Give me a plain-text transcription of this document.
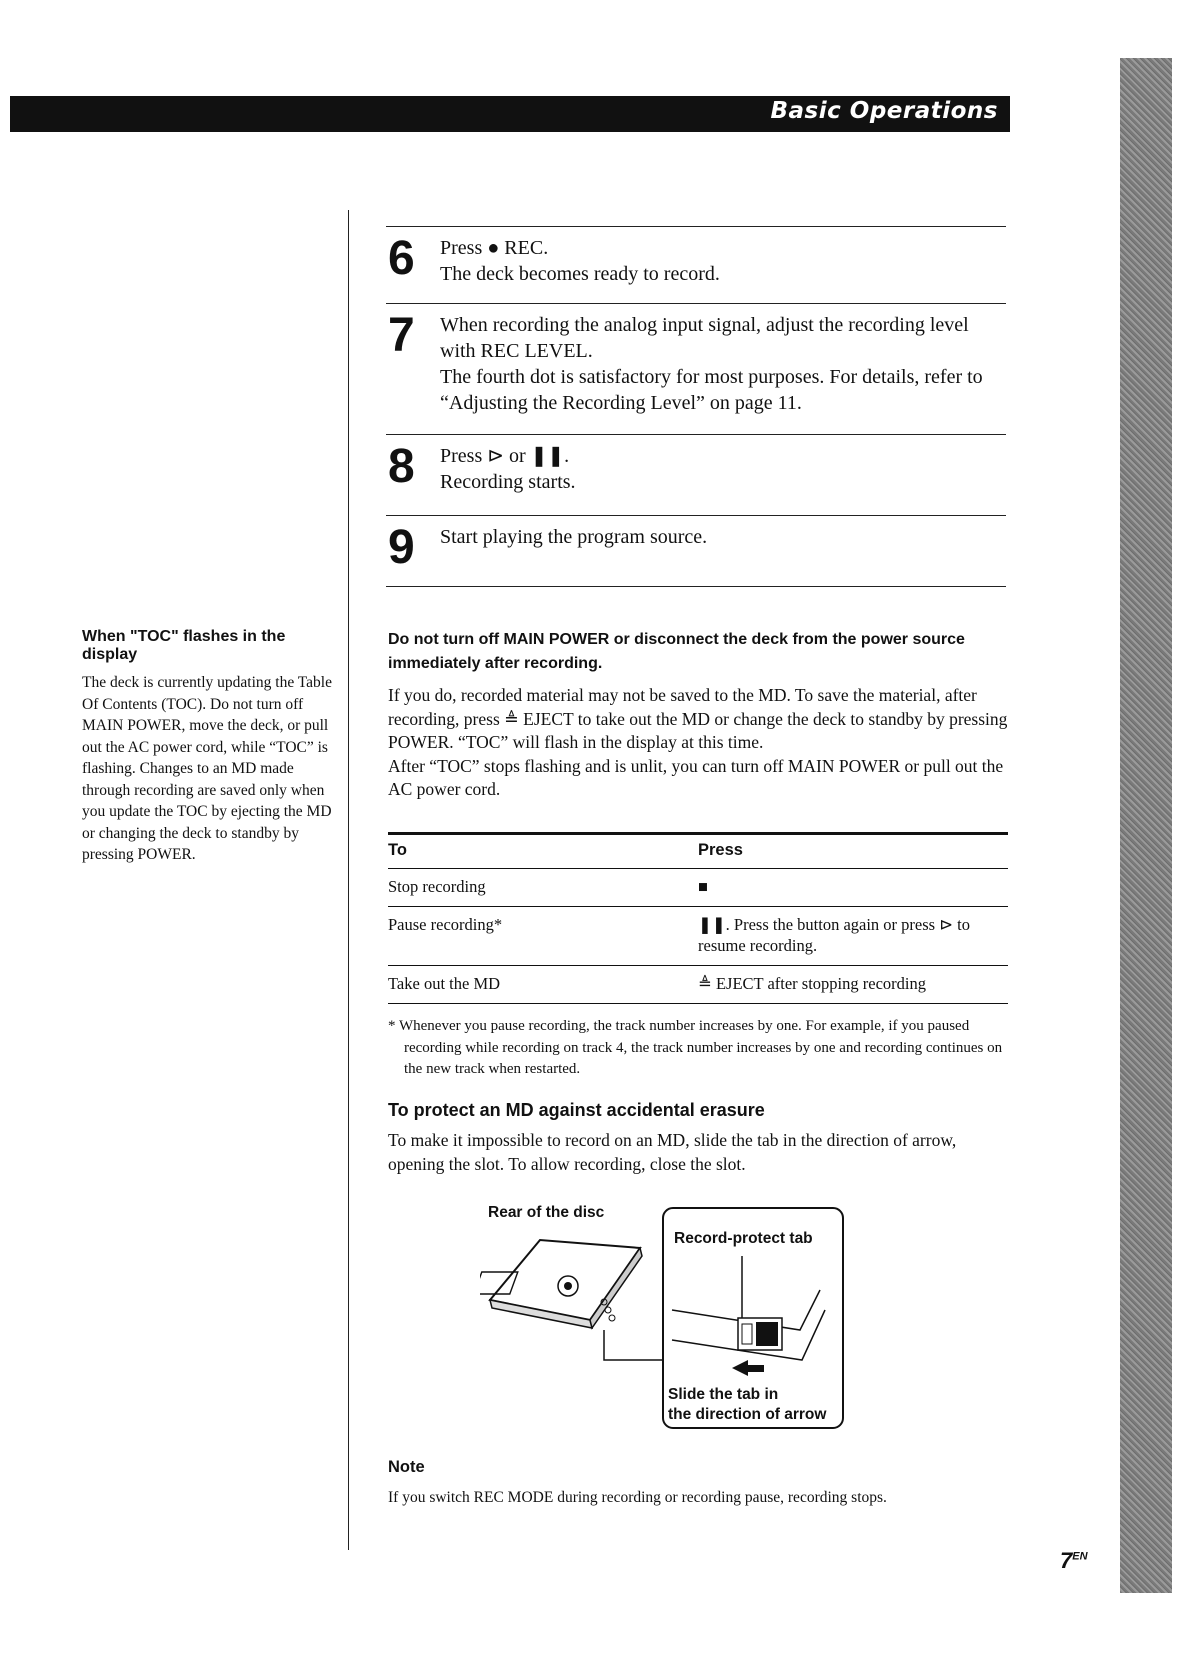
Basic Operations
When "TOC" flashes in the display

The deck is currently updating the Table Of Contents (TOC). Do not turn off MAIN POWER, move the deck, or pull out the AC power cord, while “TOC” is flashing. Changes to an MD made through recording are saved only when you update the TOC by ejecting the MD or changing the deck to standby by pressing POWER.

6 Press ● REC.
The deck becomes ready to record.
7 When recording the analog input signal, adjust the recording level with REC LEVEL.
The fourth dot is satisfactory for most purposes. For details, refer to “Adjusting the Recording Level” on page 11.
8 Press ⊳ or ❚❚.
Recording starts.
9 Start playing the program source.

Do not turn off MAIN POWER or disconnect the deck from the power source immediately after recording.

If you do, recorded material may not be saved to the MD. To save the material, after recording, press ≜ EJECT to take out the MD or change the deck to standby by pressing POWER. “TOC” will flash in the display at this time.

After “TOC” stops flashing and is unlit, you can turn off MAIN POWER or pull out the AC power cord.

To	Press
Stop recording	■
Pause recording*	❚❚. Press the button again or press ⊳ to resume recording.
Take out the MD	≜ EJECT after stopping recording

* Whenever you pause recording, the track number increases by one. For example, if you paused recording while recording on track 4, the track number increases by one and recording continues on the new track when restarted.

To protect an MD against accidental erasure

To make it impossible to record on an MD, slide the tab in the direction of arrow, opening the slot. To allow recording, close the slot.

Rear of the disc
Record-protect tab
Slide the tab in
the direction of arrow

Note

If you switch REC MODE during recording or recording pause, recording stops.

$7^{EN}$
